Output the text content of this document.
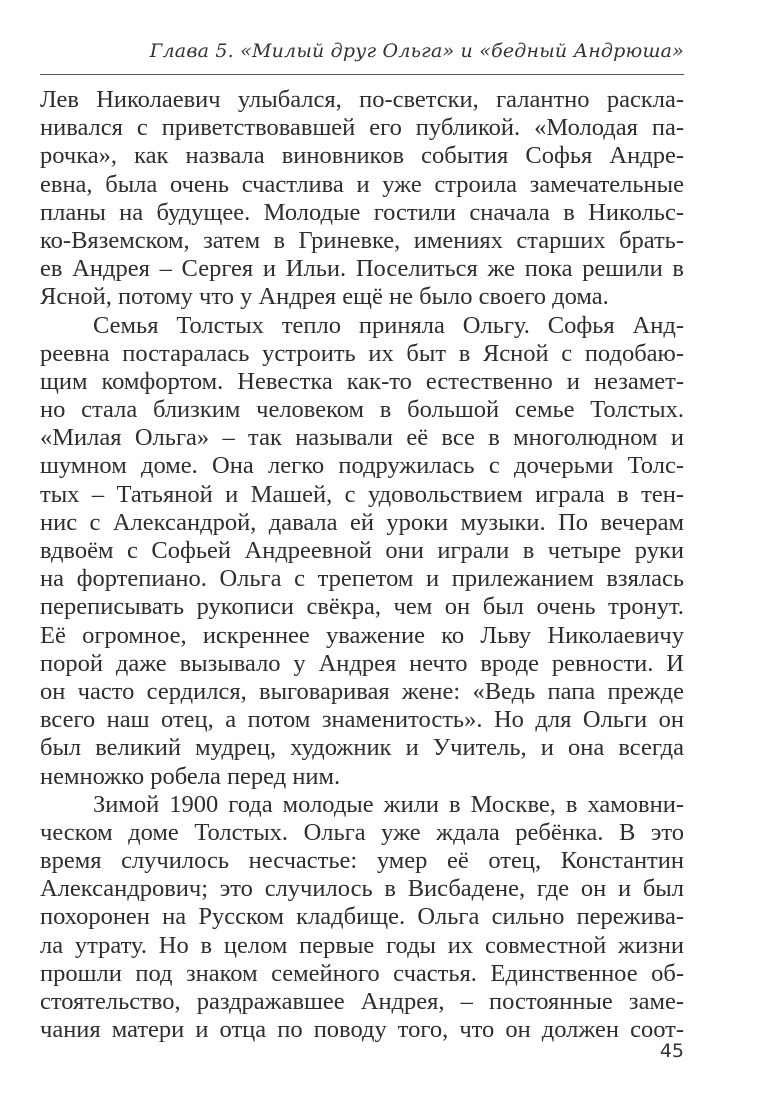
Глава 5. «Милый друг Ольга» и «бедный Андрюша»
Лев Николаевич улыбался, по-светски, галантно раскла-
нивался с приветствовавшей его публикой. «Молодая па-
рочка», как назвала виновников события Софья Андре-
евна, была очень счастлива и уже строила замечательные
планы на будущее. Молодые гостили сначала в Никольс-
ко-Вяземском, затем в Гриневке, имениях старших брать-
ев Андрея – Сергея и Ильи. Поселиться же пока решили в
Ясной, потому что у Андрея ещё не было своего дома.
Семья Толстых тепло приняла Ольгу. Софья Анд-
реевна постаралась устроить их быт в Ясной с подобаю-
щим комфортом. Невестка как-то естественно и незамет-
но стала близким человеком в большой семье Толстых.
«Милая Ольга» – так называли её все в многолюдном и
шумном доме. Она легко подружилась с дочерьми Толс-
тых – Татьяной и Машей, с удовольствием играла в тен-
нис с Александрой, давала ей уроки музыки. По вечерам
вдвоём с Софьей Андреевной они играли в четыре руки
на фортепиано. Ольга с трепетом и прилежанием взялась
переписывать рукописи свёкра, чем он был очень тронут.
Её огромное, искреннее уважение ко Льву Николаевичу
порой даже вызывало у Андрея нечто вроде ревности. И
он часто сердился, выговаривая жене: «Ведь папа прежде
всего наш отец, а потом знаменитость». Но для Ольги он
был великий мудрец, художник и Учитель, и она всегда
немножко робела перед ним.
Зимой 1900 года молодые жили в Москве, в хамовни-
ческом доме Толстых. Ольга уже ждала ребёнка. В это
время случилось несчастье: умер её отец, Константин
Александрович; это случилось в Висбадене, где он и был
похоронен на Русском кладбище. Ольга сильно пережива-
ла утрату. Но в целом первые годы их совместной жизни
прошли под знаком семейного счастья. Единственное об-
стоятельство, раздражавшее Андрея, – постоянные заме-
чания матери и отца по поводу того, что он должен соот-
45
